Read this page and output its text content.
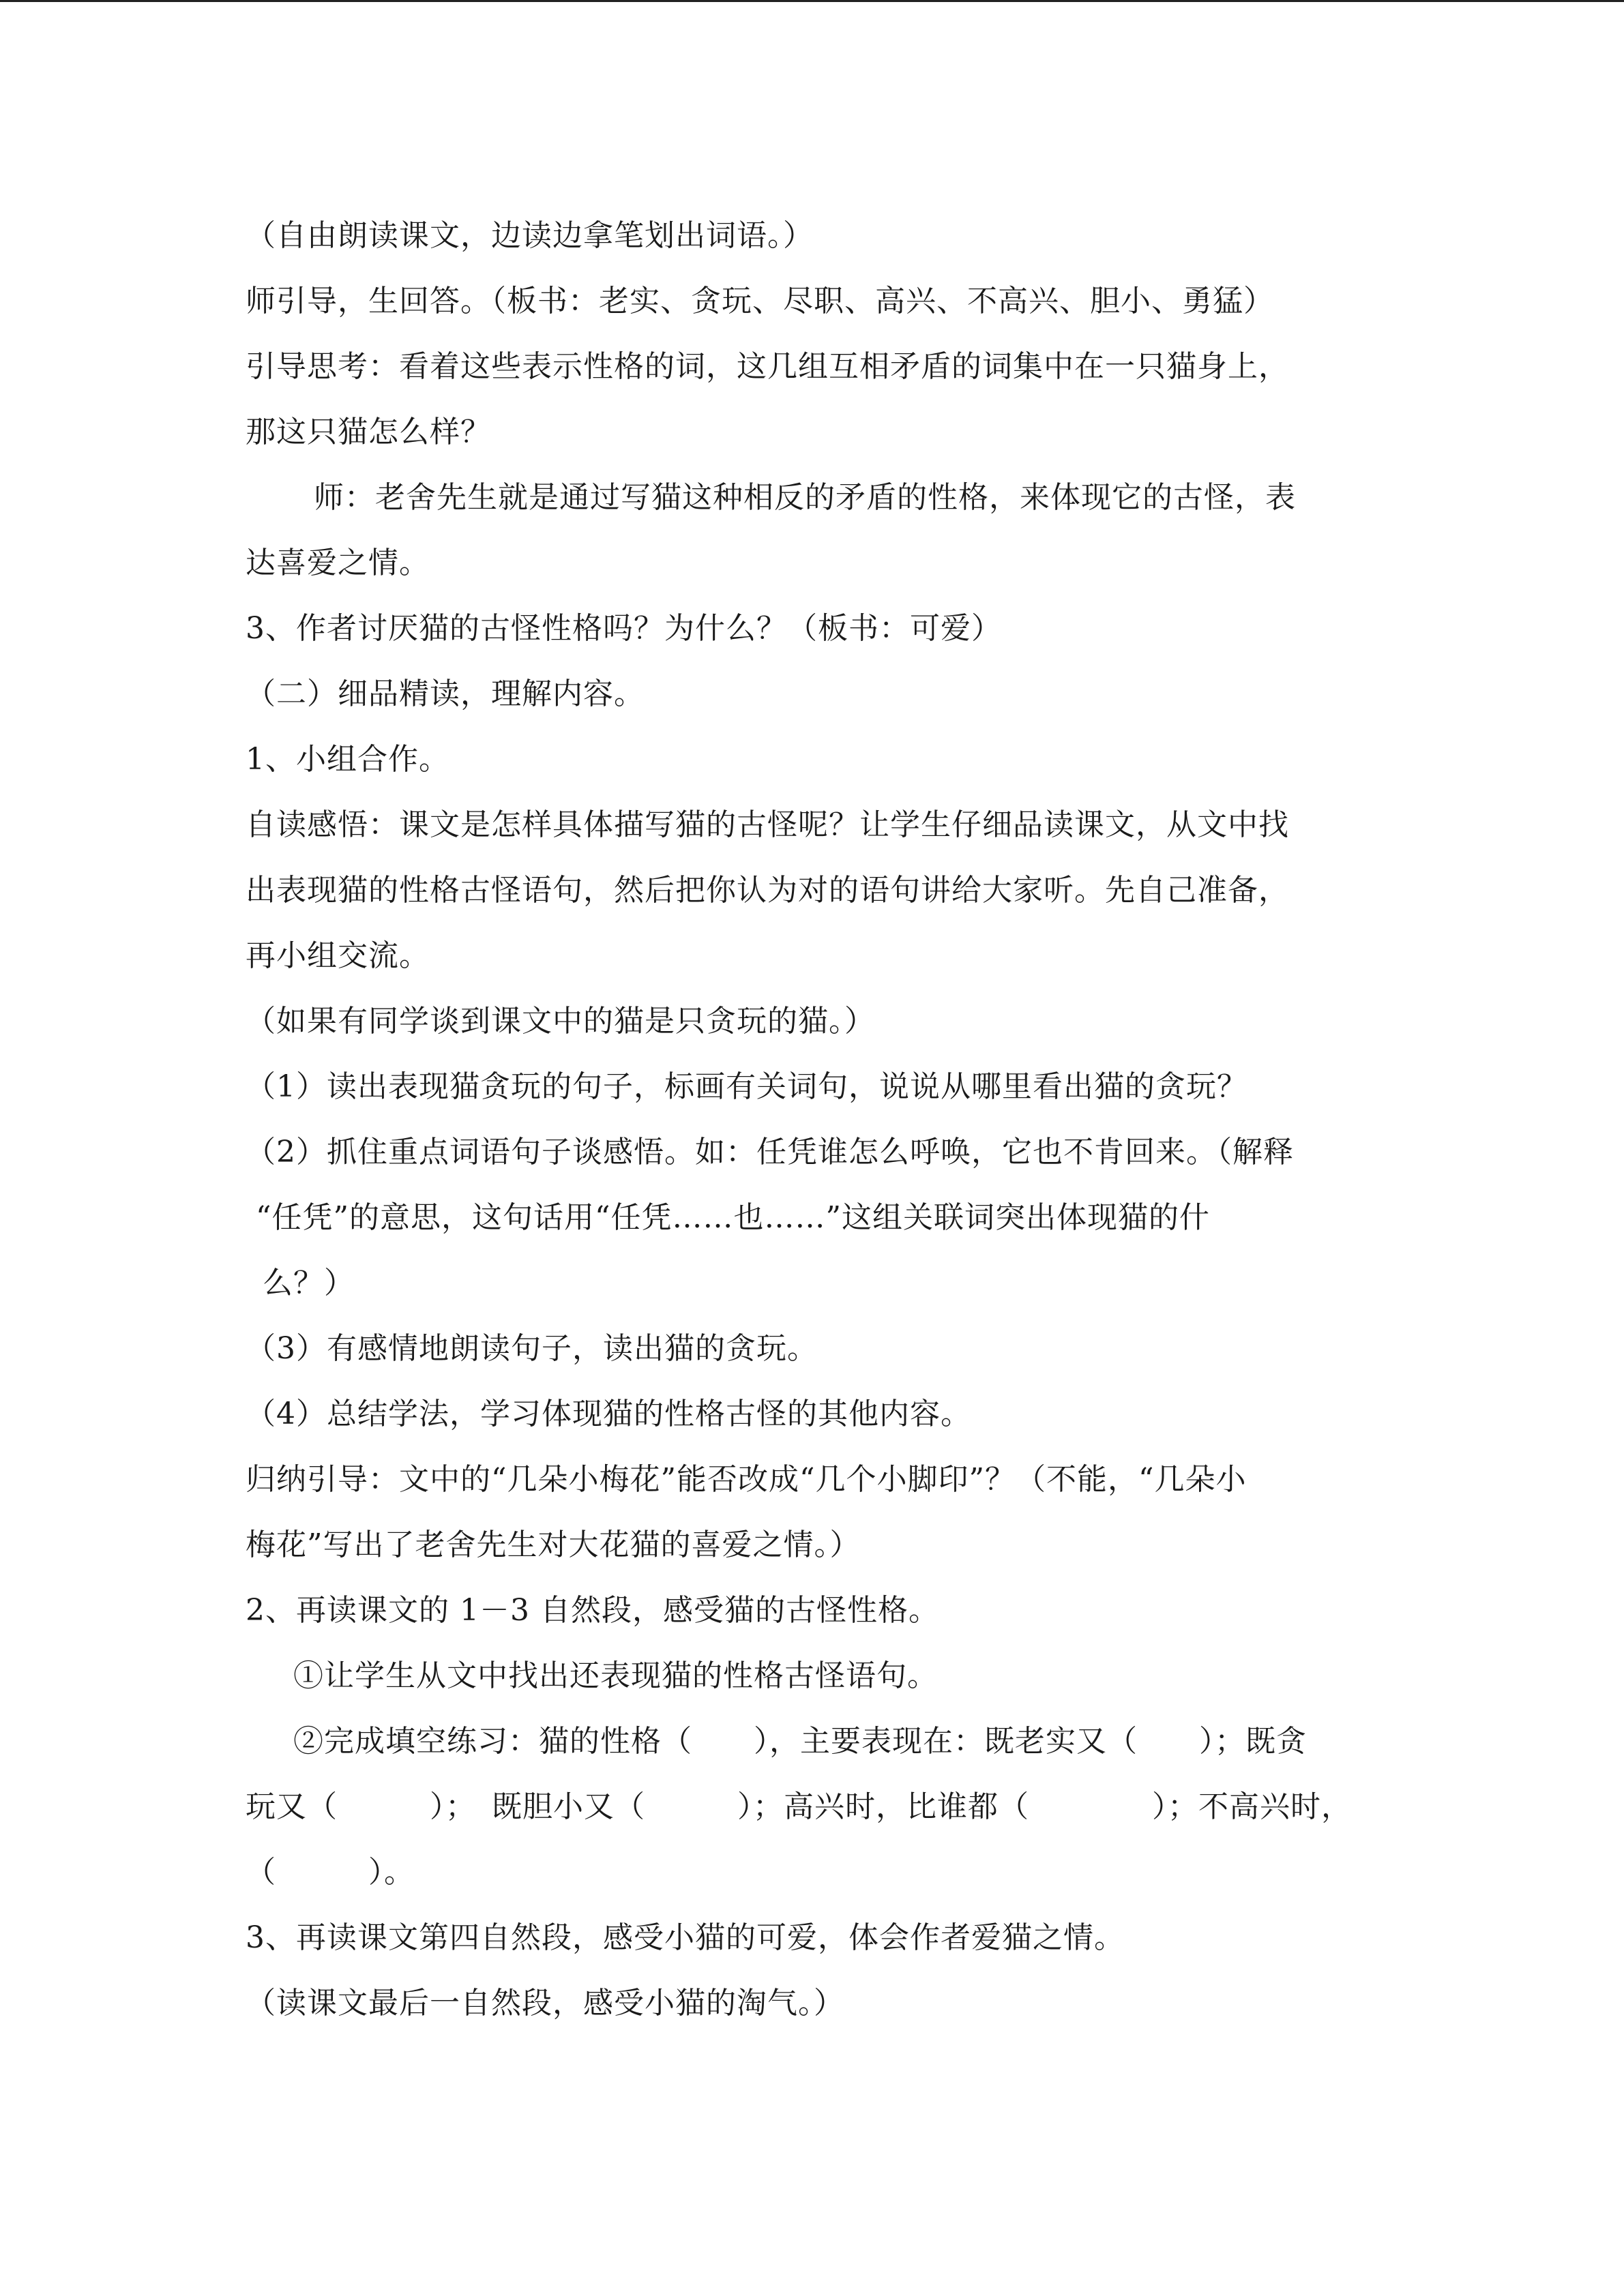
（自由朗读课文，边读边拿笔划出词语。）
师引导，生回答。（板书：老实、贪玩、尽职、高兴、不高兴、胆小、勇猛）
引导思考：看着这些表示性格的词，这几组互相矛盾的词集中在一只猫身上，
那这只猫怎么样？
师：老舍先生就是通过写猫这种相反的矛盾的性格，来体现它的古怪，表
达喜爱之情。
3、作者讨厌猫的古怪性格吗？为什么？（板书：可爱）
（二）细品精读，理解内容。
1、小组合作。
自读感悟：课文是怎样具体描写猫的古怪呢？让学生仔细品读课文，从文中找
出表现猫的性格古怪语句，然后把你认为对的语句讲给大家听。先自己准备，
再小组交流。
（如果有同学谈到课文中的猫是只贪玩的猫。）
（1）读出表现猫贪玩的句子，标画有关词句，说说从哪里看出猫的贪玩？
（2）抓住重点词语句子谈感悟。如：任凭谁怎么呼唤，它也不肯回来。（解释
“任凭”的意思，这句话用“任凭……也……”这组关联词突出体现猫的什
么？）
（3）有感情地朗读句子，读出猫的贪玩。
（4）总结学法，学习体现猫的性格古怪的其他内容。
归纳引导：文中的“几朵小梅花”能否改成“几个小脚印”？（不能，“几朵小
梅花”写出了老舍先生对大花猫的喜爱之情。）
2、再读课文的 1－3 自然段，感受猫的古怪性格。
①让学生从文中找出还表现猫的性格古怪语句。
②完成填空练习：猫的性格（　　），主要表现在：既老实又（　　）；既贪
玩又（　　　）；　既胆小又（　　　）；高兴时，比谁都（　　　　）；不高兴时，
（　　　）。
3、再读课文第四自然段，感受小猫的可爱，体会作者爱猫之情。
（读课文最后一自然段，感受小猫的淘气。）
